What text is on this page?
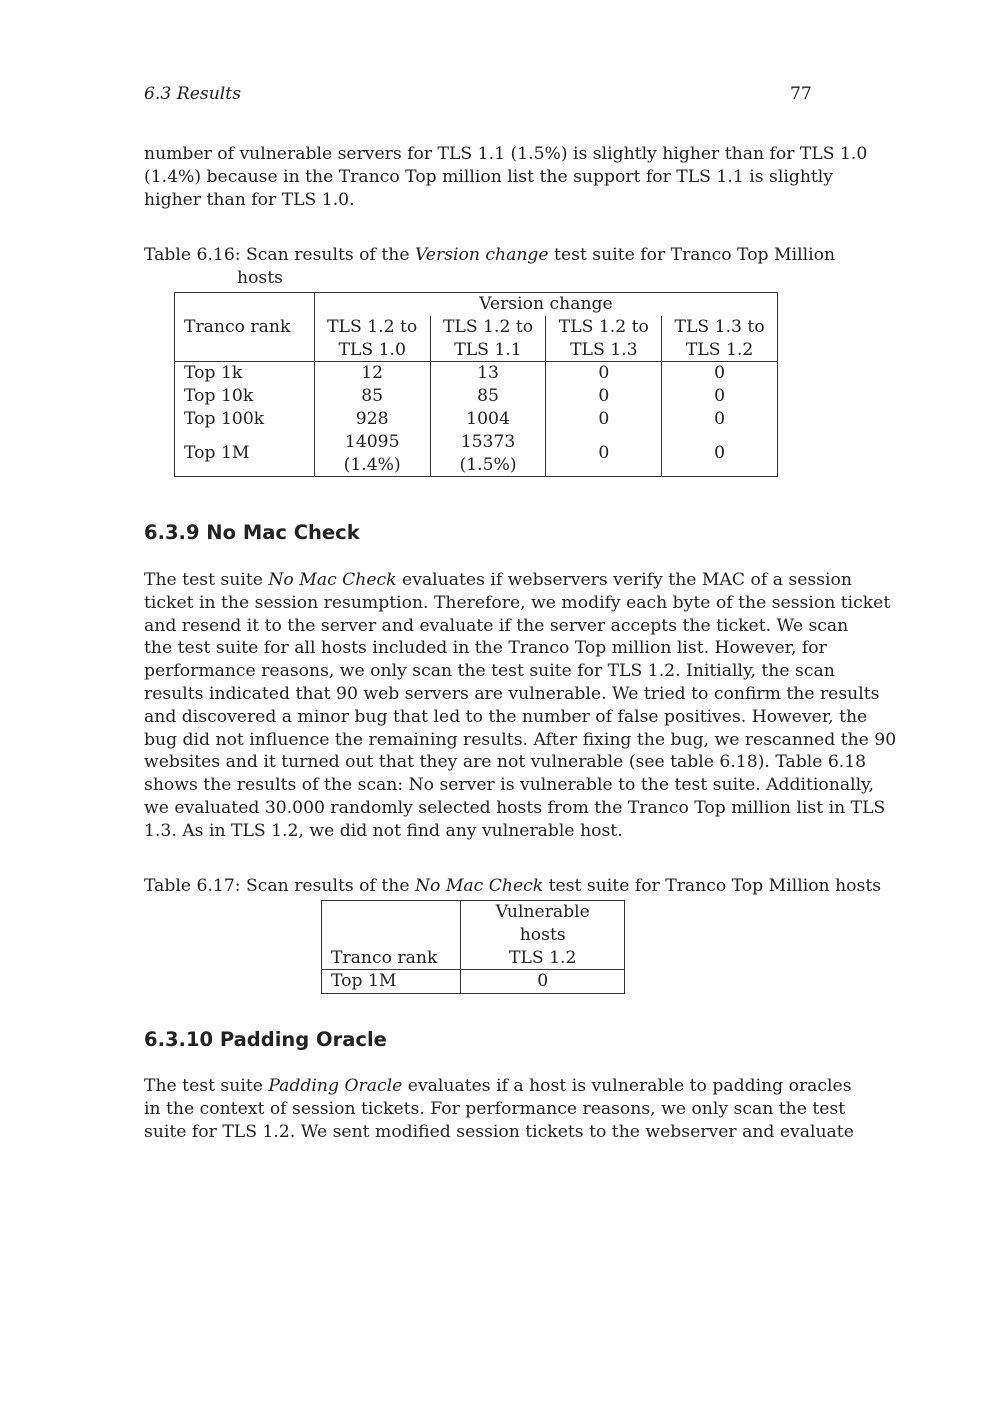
6.3 Results	77
number of vulnerable servers for TLS 1.1 (1.5%) is slightly higher than for TLS 1.0
(1.4%) because in the Tranco Top million list the support for TLS 1.1 is slightly
higher than for TLS 1.0.
Table 6.16: Scan results of the Version change test suite for Tranco Top Million
hosts
Tranco rank	Version change			
	TLS 1.2 to	TLS 1.2 to	TLS 1.2 to	TLS 1.3 to
	TLS 1.0	TLS 1.1	TLS 1.3	TLS 1.2
Top 1k	12	13	0	0
Top 10k	85	85	0	0
Top 100k	928	1004	0	0
Top 1M	14095	15373	0	0
	(1.4%)	(1.5%)		
6.3.9 No Mac Check
The test suite No Mac Check evaluates if webservers verify the MAC of a session
ticket in the session resumption. Therefore, we modify each byte of the session ticket
and resend it to the server and evaluate if the server accepts the ticket. We scan
the test suite for all hosts included in the Tranco Top million list. However, for
performance reasons, we only scan the test suite for TLS 1.2. Initially, the scan
results indicated that 90 web servers are vulnerable. We tried to confirm the results
and discovered a minor bug that led to the number of false positives. However, the
bug did not influence the remaining results. After fixing the bug, we rescanned the 90
websites and it turned out that they are not vulnerable (see table 6.18). Table 6.18
shows the results of the scan: No server is vulnerable to the test suite. Additionally,
we evaluated 30.000 randomly selected hosts from the Tranco Top million list in TLS
1.3. As in TLS 1.2, we did not find any vulnerable host.
Table 6.17: Scan results of the No Mac Check test suite for Tranco Top Million hosts
Tranco rank	Vulnerable hosts
	TLS 1.2
Top 1M	0
6.3.10 Padding Oracle
The test suite Padding Oracle evaluates if a host is vulnerable to padding oracles
in the context of session tickets. For performance reasons, we only scan the test
suite for TLS 1.2. We sent modified session tickets to the webserver and evaluate
